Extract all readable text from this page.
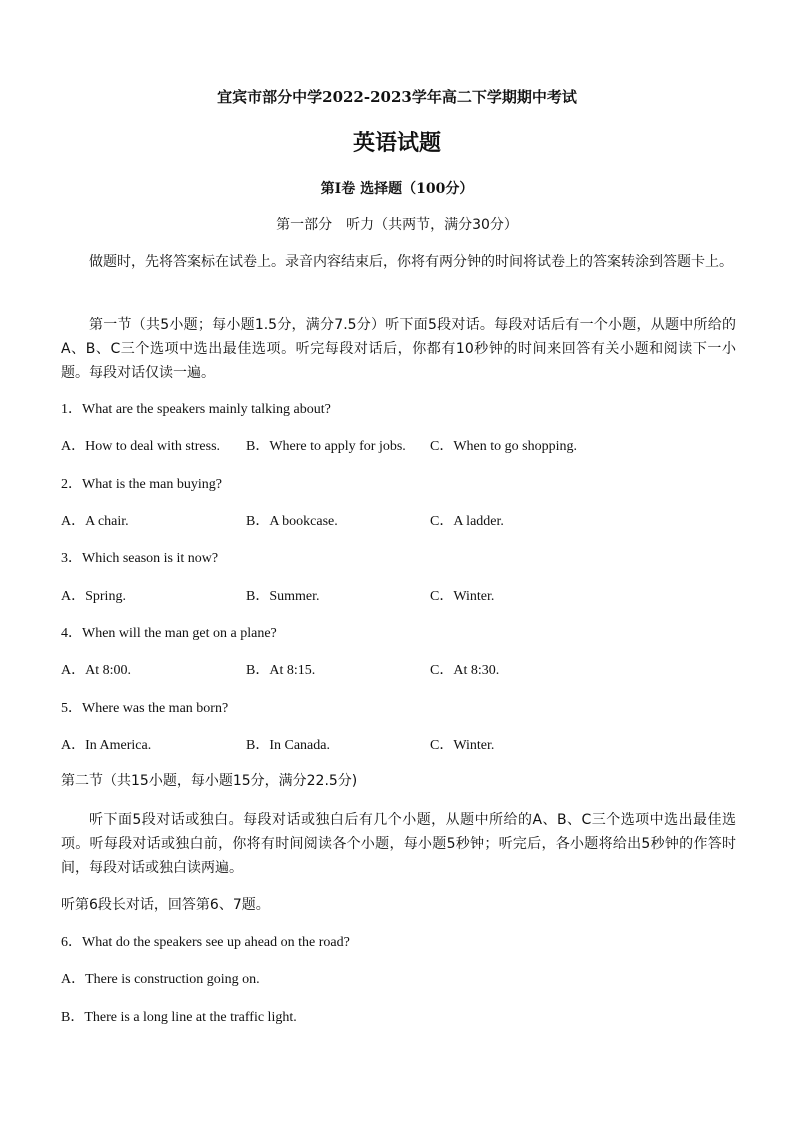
宜宾市部分中学2022-2023学年高二下学期期中考试
英语试题
第I卷 选择题（100分）
第一部分　听力（共两节，满分30分）
做题时，先将答案标在试卷上。录音内容结束后，你将有两分钟的时间将试卷上的答案转涂到答题卡上。
第一节（共5小题；每小题1.5分，满分7.5分）听下面5段对话。每段对话后有一个小题，从题中所给的A、B、C三个选项中选出最佳选项。听完每段对话后，你都有10秒钟的时间来回答有关小题和阅读下一小题。每段对话仅读一遍。
1．What are the speakers mainly talking about?
A．How to deal with stress. B．Where to apply for jobs. C．When to go shopping.
2．What is the man buying?
A．A chair.	B．A bookcase.	C．A ladder.
3．Which season is it now?
A．Spring.	B．Summer.	C．Winter.
4．When will the man get on a plane?
A．At 8:00.	B．At 8:15.	C．At 8:30.
5．Where was the man born?
A．In America.	B．In Canada.	C．Winter.
第二节（共15小题，每小题15分，满分22.5分)
听下面5段对话或独白。每段对话或独白后有几个小题，从题中所给的A、B、C三个选项中选出最佳选项。听每段对话或独白前，你将有时间阅读各个小题，每小题5秒钟；听完后，各小题将给出5秒钟的作答时间，每段对话或独白读两遍。
听第6段长对话，回答第6、7题。
6．What do the speakers see up ahead on the road?
A．There is construction going on.
B．There is a long line at the traffic light.
